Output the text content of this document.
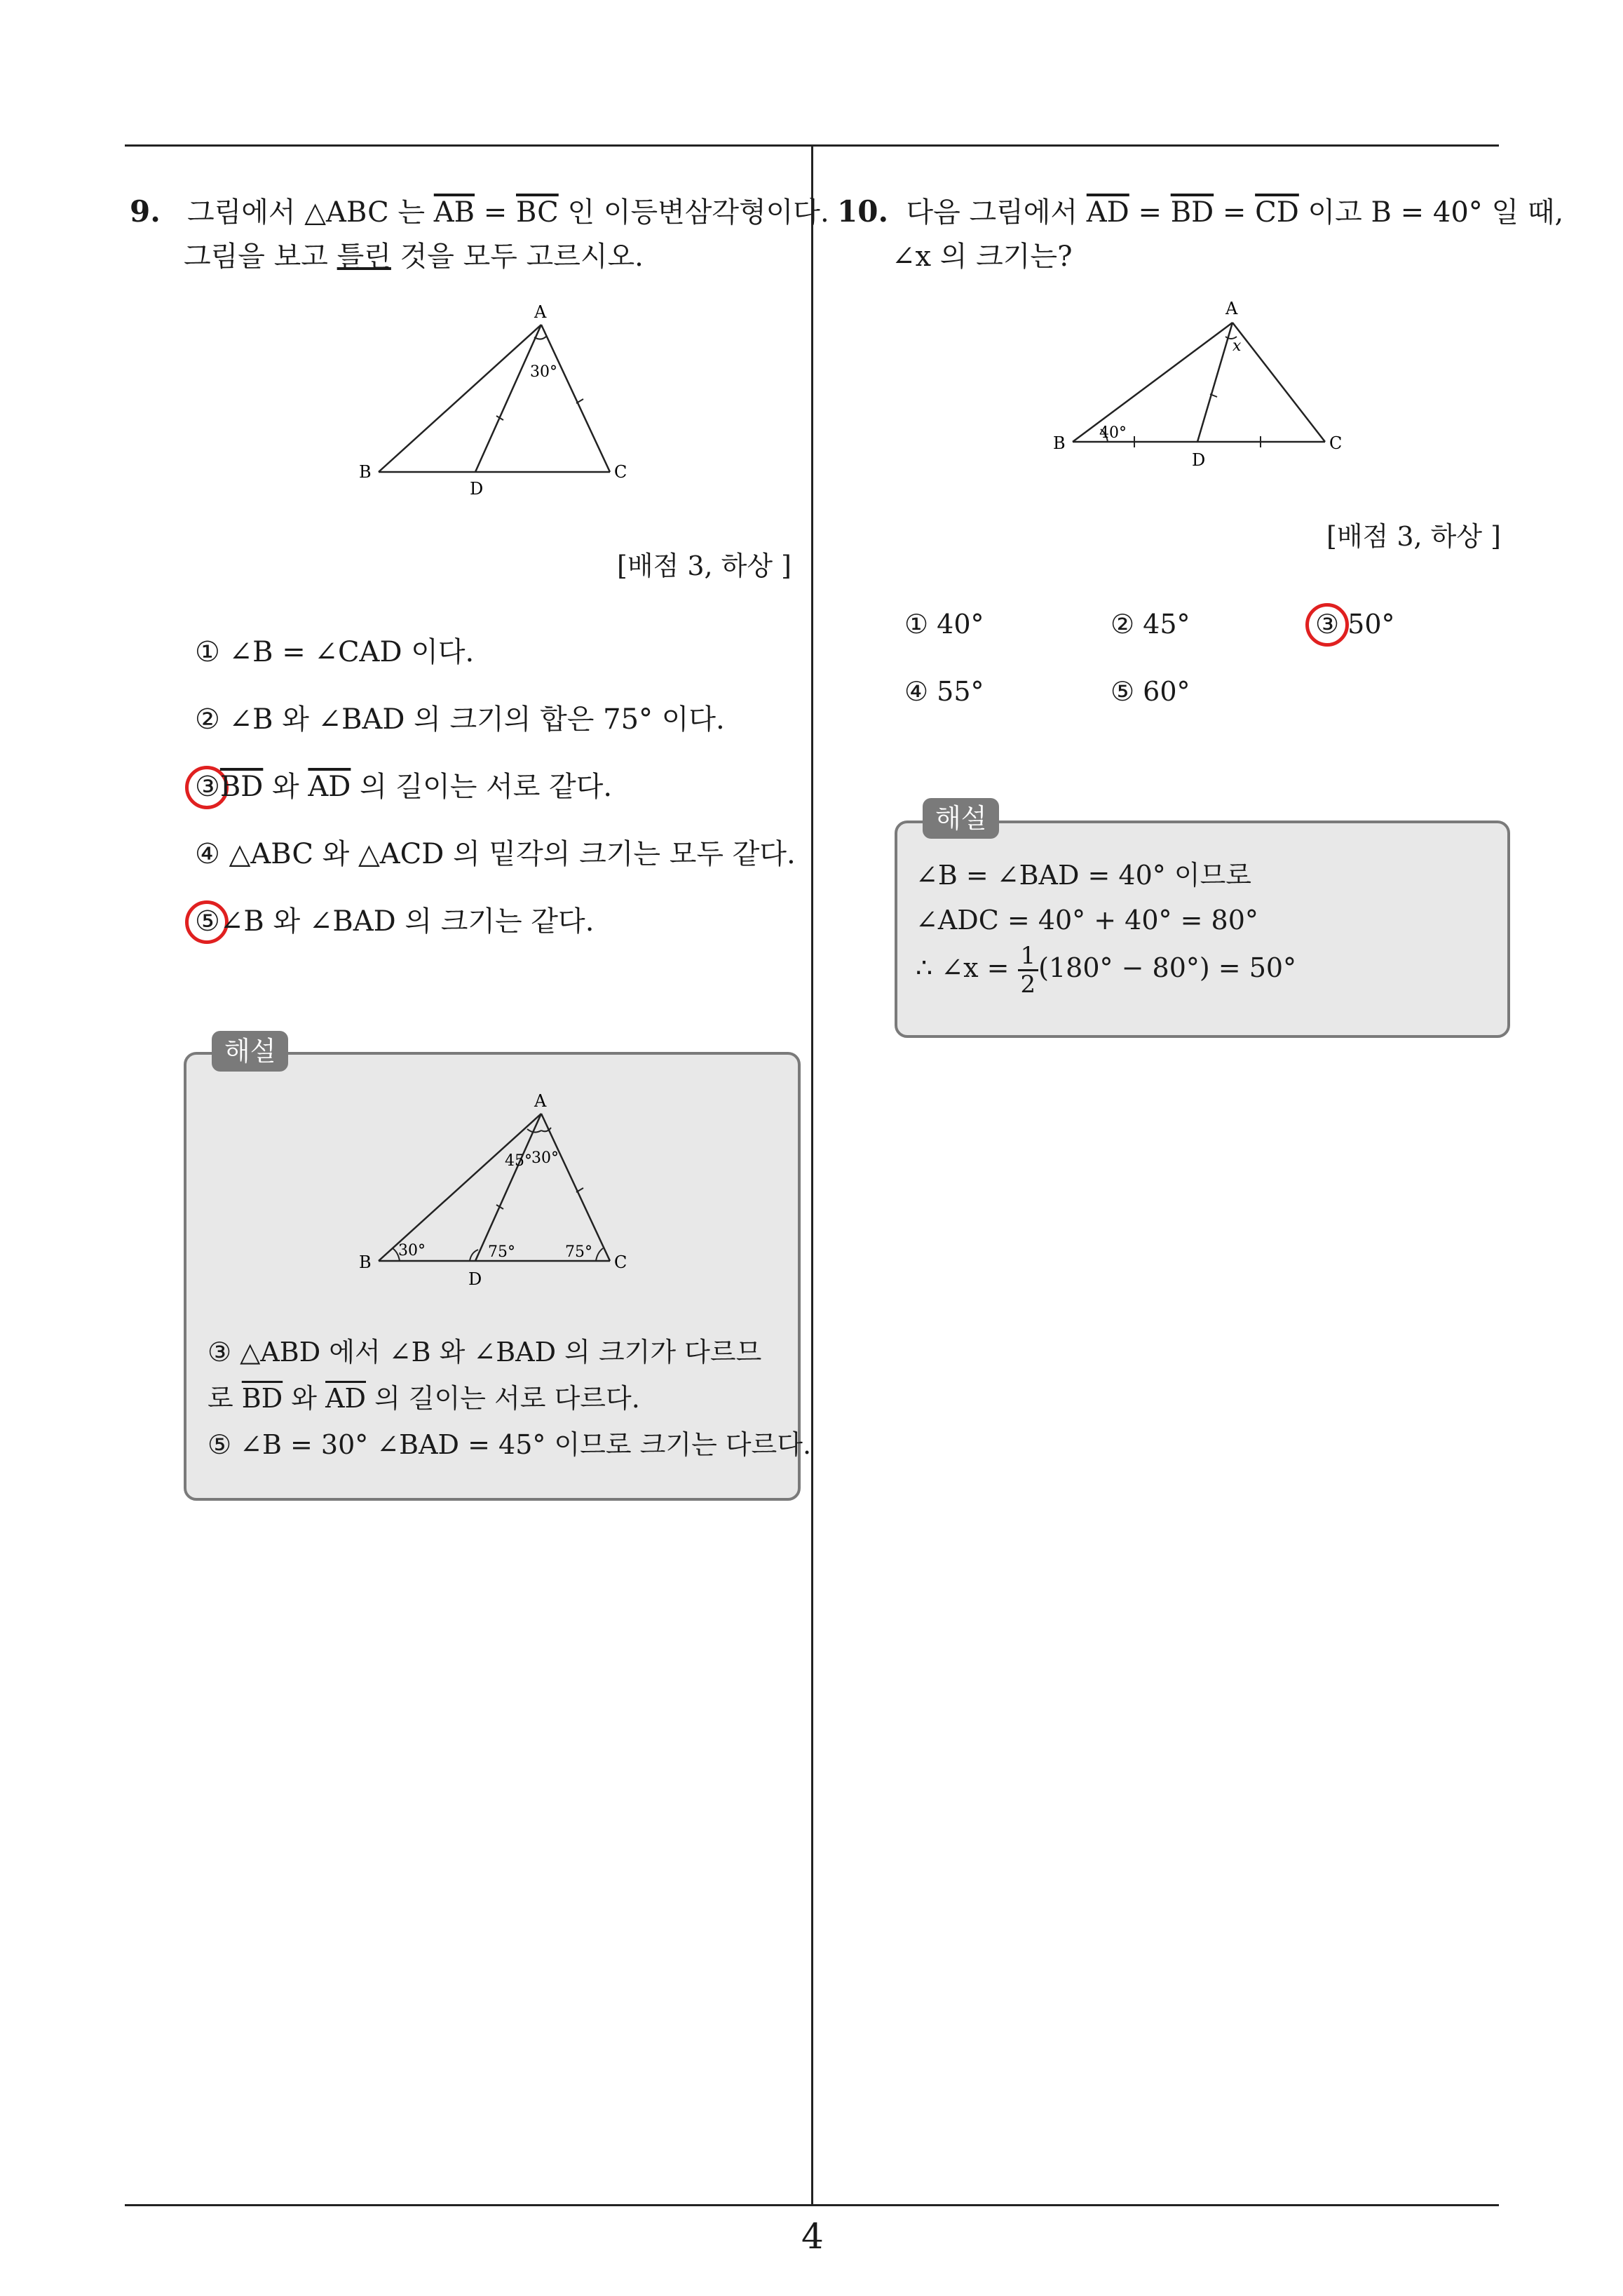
9. 그림에서 △ABC 는 $\overline{AB} = \overline{BC}$ 인 이등변삼각형이다.
그림을 보고 틀린 것을 모두 고르시오.
A
B	C
D
30°
[배점 3, 하상 ]
① ∠B = ∠CAD 이다.
② ∠B 와 ∠BAD 의 크기의 합은 75° 이다.
$③\overline{BD}$ 와 $\overline{AD}$ 의 길이는 서로 같다.
④ △ABC 와 △ACD 의 밑각의 크기는 모두 같다.
⑤∠B 와 ∠BAD 의 크기는 같다.
해설
A
B	C
D
45° 30°
30°	75°	75°
③ △ABD 에서 ∠B 와 ∠BAD 의 크기가 다르므
로 $\overline{BD}$ 와 $\overline{AD}$ 의 길이는 서로 다르다.
⑤ ∠B = 30° ∠BAD = 45° 이므로 크기는 다르다.
10. 다음 그림에서 $\overline{AD} = \overline{BD} = \overline{CD}$ 이고 B = 40° 일 때,
∠x 의 크기는?
A
B	C
D
x
40°
[배점 3, 하상 ]
① 40°	② 45°	③ 50°
④ 55°	⑤ 60°
해설
∠B = ∠BAD = 40° 이므로
∠ADC = 40° + 40° = 80°
∴ ∠x = $\frac{1}{2} (180^\circ - 80^\circ) = 50^\circ$
4
